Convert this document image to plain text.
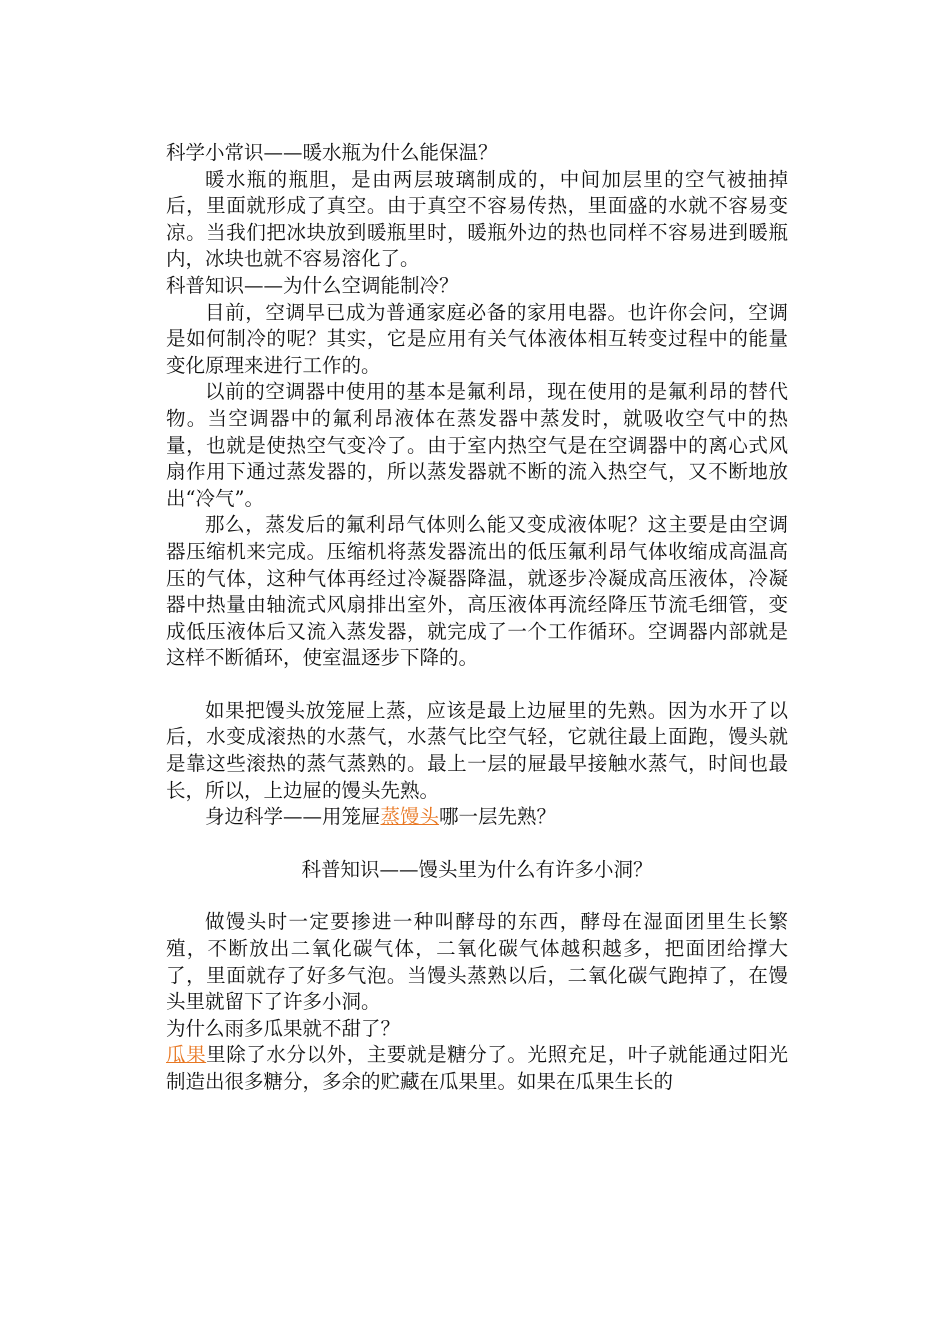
科学小常识——暖水瓶为什么能保温？

暖水瓶的瓶胆，是由两层玻璃制成的，中间加层里的空气被抽掉后，里面就形成了真空。由于真空不容易传热，里面盛的水就不容易变凉。当我们把冰块放到暖瓶里时，暖瓶外边的热也同样不容易进到暖瓶内，冰块也就不容易溶化了。

科普知识——为什么空调能制冷？

目前，空调早已成为普通家庭必备的家用电器。也许你会问，空调是如何制冷的呢？其实，它是应用有关气体液体相互转变过程中的能量变化原理来进行工作的。

以前的空调器中使用的基本是氟利昂，现在使用的是氟利昂的替代物。当空调器中的氟利昂液体在蒸发器中蒸发时，就吸收空气中的热量，也就是使热空气变冷了。由于室内热空气是在空调器中的离心式风扇作用下通过蒸发器的，所以蒸发器就不断的流入热空气，又不断地放出“冷气”。

那么，蒸发后的氟利昂气体则么能又变成液体呢？这主要是由空调器压缩机来完成。压缩机将蒸发器流出的低压氟利昂气体收缩成高温高压的气体，这种气体再经过冷凝器降温，就逐步冷凝成高压液体，冷凝器中热量由轴流式风扇排出室外，高压液体再流经降压节流毛细管，变成低压液体后又流入蒸发器，就完成了一个工作循环。空调器内部就是这样不断循环，使室温逐步下降的。

如果把馒头放笼屉上蒸，应该是最上边屉里的先熟。因为水开了以后，水变成滚热的水蒸气，水蒸气比空气轻，它就往最上面跑，馒头就是靠这些滚热的蒸气蒸熟的。最上一层的屉最早接触水蒸气，时间也最长，所以，上边屉的馒头先熟。

身边科学——用笼屉蒸馒头哪一层先熟？

科普知识——馒头里为什么有许多小洞？

做馒头时一定要掺进一种叫酵母的东西，酵母在湿面团里生长繁殖，不断放出二氧化碳气体，二氧化碳气体越积越多，把面团给撑大了，里面就存了好多气泡。当馒头蒸熟以后，二氧化碳气跑掉了，在馒头里就留下了许多小洞。

为什么雨多瓜果就不甜了？

瓜果里除了水分以外，主要就是糖分了。光照充足，叶子就能通过阳光制造出很多糖分，多余的贮藏在瓜果里。如果在瓜果生长的
